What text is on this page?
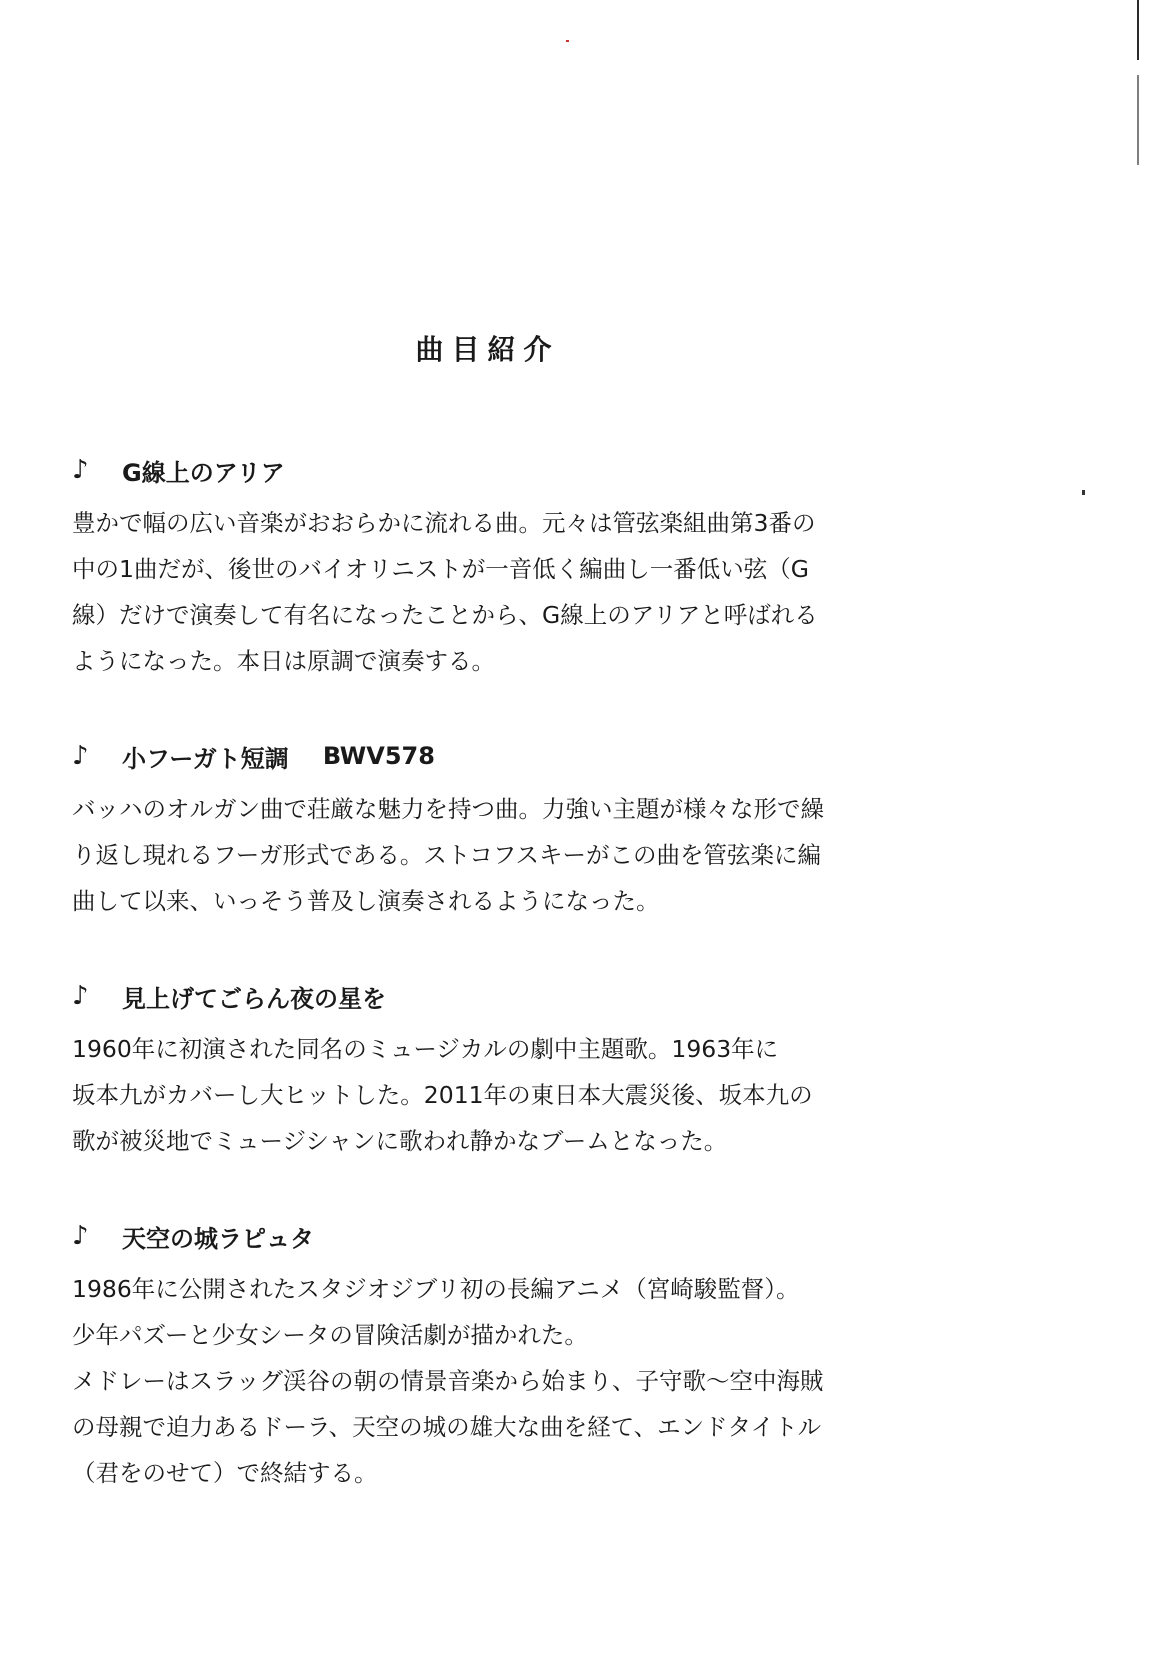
曲目紹介
♪	G線上のアリア
豊かで幅の広い音楽がおおらかに流れる曲。元々は管弦楽組曲第3番の
中の1曲だが、後世のバイオリニストが一音低く編曲し一番低い弦（G
線）だけで演奏して有名になったことから、G線上のアリアと呼ばれる
ようになった。本日は原調で演奏する。
♪	小フーガト短調 BWV578
バッハのオルガン曲で荘厳な魅力を持つ曲。力強い主題が様々な形で繰
り返し現れるフーガ形式である。ストコフスキーがこの曲を管弦楽に編
曲して以来、いっそう普及し演奏されるようになった。
♪	見上げてごらん夜の星を
1960年に初演された同名のミュージカルの劇中主題歌。1963年に
坂本九がカバーし大ヒットした。2011年の東日本大震災後、坂本九の
歌が被災地でミュージシャンに歌われ静かなブームとなった。
♪	天空の城ラピュタ
1986年に公開されたスタジオジブリ初の長編アニメ（宮崎駿監督）。
少年パズーと少女シータの冒険活劇が描かれた。
メドレーはスラッグ渓谷の朝の情景音楽から始まり、子守歌～空中海賊
の母親で迫力あるドーラ、天空の城の雄大な曲を経て、エンドタイトル
（君をのせて）で終結する。
